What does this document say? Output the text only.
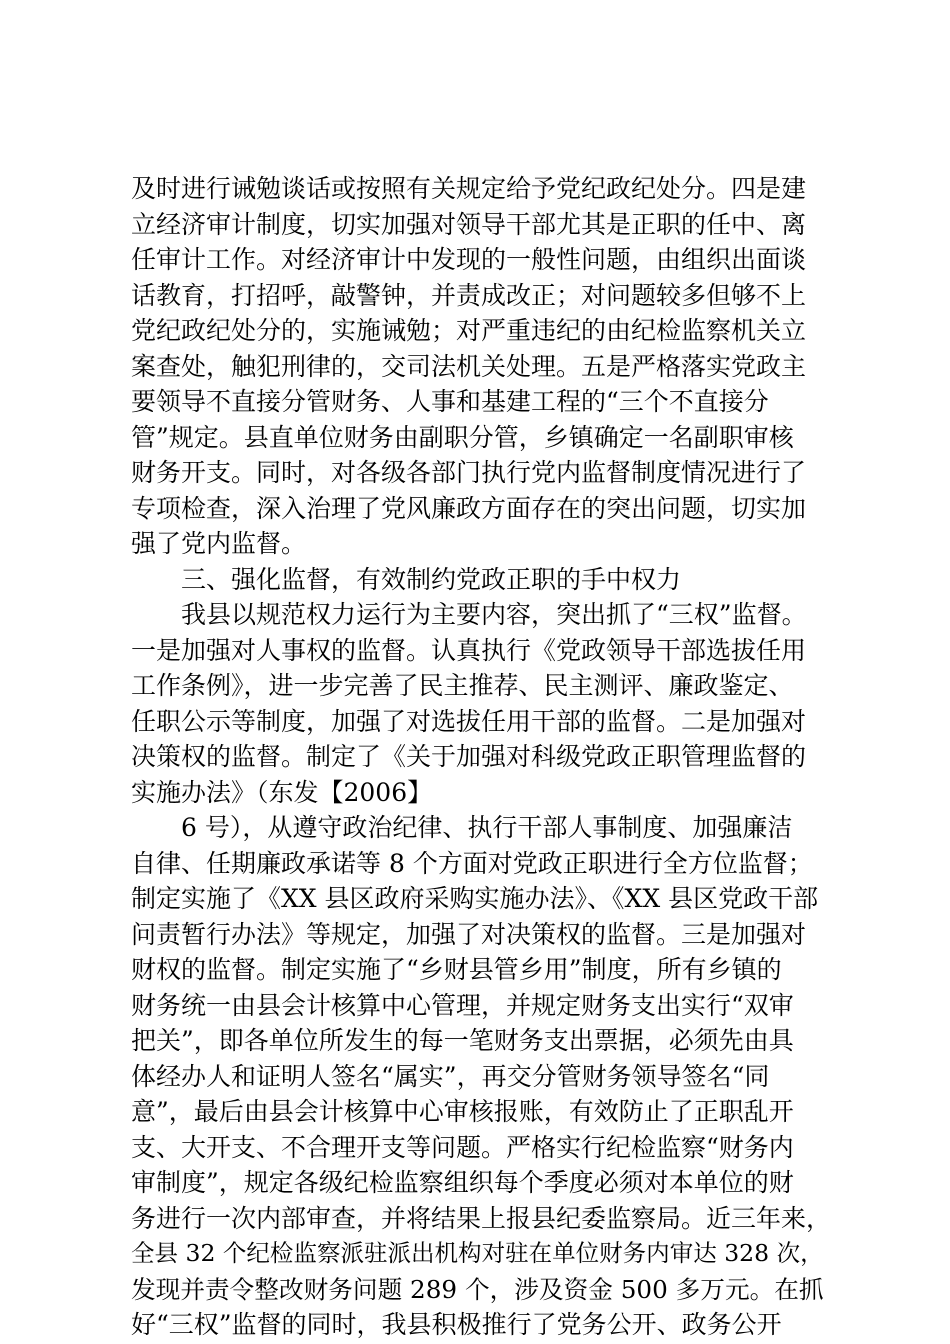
及时进行诫勉谈话或按照有关规定给予党纪政纪处分。四是建
立经济审计制度，切实加强对领导干部尤其是正职的任中、离
任审计工作。对经济审计中发现的一般性问题，由组织出面谈
话教育，打招呼，敲警钟，并责成改正；对问题较多但够不上
党纪政纪处分的，实施诫勉；对严重违纪的由纪检监察机关立
案查处，触犯刑律的，交司法机关处理。五是严格落实党政主
要领导不直接分管财务、人事和基建工程的“三个不直接分
管”规定。县直单位财务由副职分管，乡镇确定一名副职审核
财务开支。同时，对各级各部门执行党内监督制度情况进行了
专项检查，深入治理了党风廉政方面存在的突出问题，切实加
强了党内监督。
三、强化监督，有效制约党政正职的手中权力
我县以规范权力运行为主要内容，突出抓了“三权”监督。
一是加强对人事权的监督。认真执行《党政领导干部选拔任用
工作条例》，进一步完善了民主推荐、民主测评、廉政鉴定、
任职公示等制度，加强了对选拔任用干部的监督。二是加强对
决策权的监督。制定了《关于加强对科级党政正职管理监督的
实施办法》（东发【2006】
6 号），从遵守政治纪律、执行干部人事制度、加强廉洁
自律、任期廉政承诺等 8 个方面对党政正职进行全方位监督；
制定实施了《XX 县区政府采购实施办法》、《XX 县区党政干部
问责暂行办法》等规定，加强了对决策权的监督。三是加强对
财权的监督。制定实施了“乡财县管乡用”制度，所有乡镇的
财务统一由县会计核算中心管理，并规定财务支出实行“双审
把关”，即各单位所发生的每一笔财务支出票据，必须先由具
体经办人和证明人签名“属实”，再交分管财务领导签名“同
意”，最后由县会计核算中心审核报账，有效防止了正职乱开
支、大开支、不合理开支等问题。严格实行纪检监察“财务内
审制度”，规定各级纪检监察组织每个季度必须对本单位的财
务进行一次内部审查，并将结果上报县纪委监察局。近三年来，
全县 32 个纪检监察派驻派出机构对驻在单位财务内审达 328 次，
发现并责令整改财务问题 289 个，涉及资金 500 多万元。在抓
好“三权”监督的同时，我县积极推行了党务公开、政务公开
